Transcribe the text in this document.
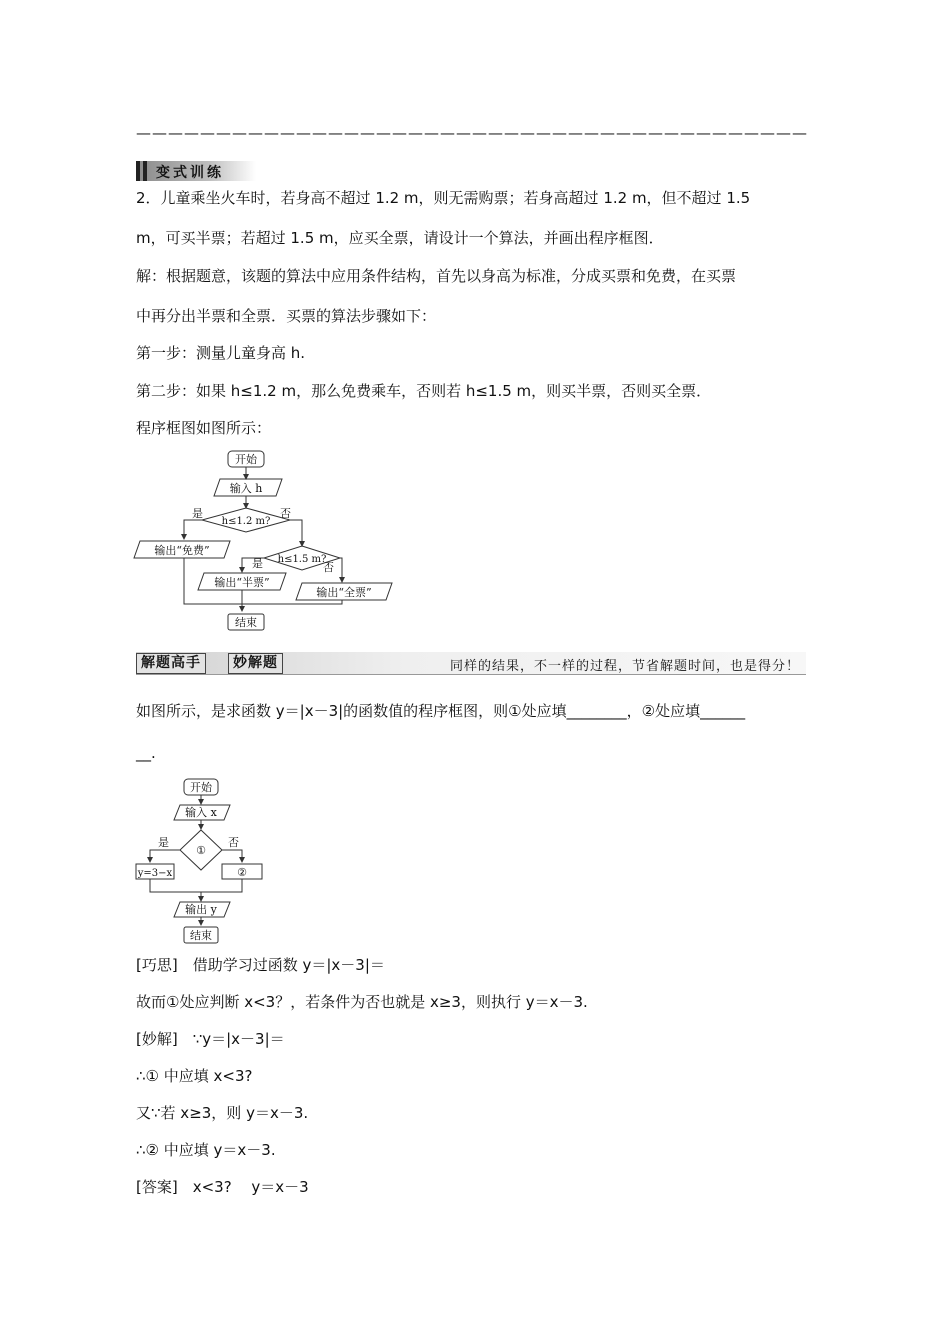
——————————————————————————————————————————
变式训练
2．儿童乘坐火车时，若身高不超过 1.2 m，则无需购票；若身高超过 1.2 m，但不超过 1.5
m，可买半票；若超过 1.5 m，应买全票，请设计一个算法，并画出程序框图．
解：根据题意，该题的算法中应用条件结构，首先以身高为标准，分成买票和免费，在买票
中再分出半票和全票．买票的算法步骤如下：
第一步：测量儿童身高 h.
第二步：如果 h≤1.2 m，那么免费乘车，否则若 h≤1.5 m，则买半票，否则买全票．
程序框图如图所示：
开始
输入 h
h≤1.2 m?
是	否
输出“免费”
h≤1.5 m?
是	否
输出“半票”
输出“全票”
结束
解题高手	妙解题	同样的结果，不一样的过程，节省解题时间，也是得分！
如图所示，是求函数 y＝|x－3|的函数值的程序框图，则①处应填________，②处应填______
__.
开始
输入 x
①
是	否
y=3−x	②
输出 y
结束
[巧思]　借助学习过函数 y＝|x－3|＝
故而①处应判断 x<3？，若条件为否也就是 x≥3，则执行 y＝x－3.
[妙解]　∵y＝|x－3|＝
∴① 中应填 x<3?
又∵若 x≥3，则 y＝x－3.
∴② 中应填 y＝x－3.
[答案]　x<3?　 y＝x－3
